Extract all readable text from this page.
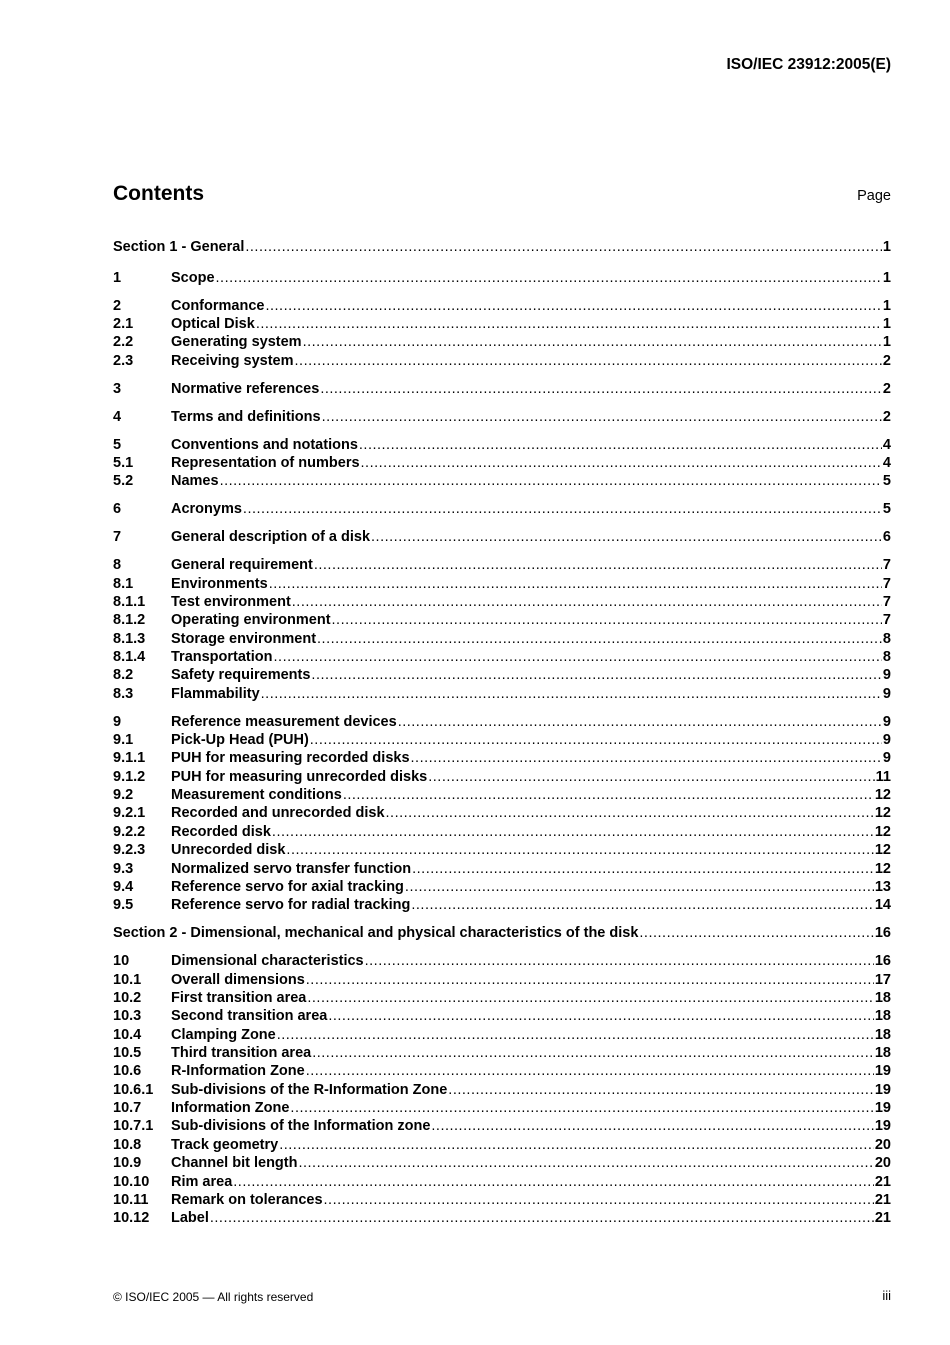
ISO/IEC 23912:2005(E)
Contents	Page
Section 1 - General .....	1
1	Scope .....	1
2	Conformance .....	1
2.1	Optical Disk .....	1
2.2	Generating system .....	1
2.3	Receiving system .....	2
3	Normative references .....	2
4	Terms and definitions .....	2
5	Conventions and notations .....	4
5.1	Representation of numbers .....	4
5.2	Names .....	5
6	Acronyms .....	5
7	General description of a disk .....	6
8	General requirement .....	7
8.1	Environments .....	7
8.1.1	Test environment .....	7
8.1.2	Operating environment .....	7
8.1.3	Storage environment .....	8
8.1.4	Transportation .....	8
8.2	Safety requirements .....	9
8.3	Flammability .....	9
9	Reference measurement devices .....	9
9.1	Pick-Up Head (PUH) .....	9
9.1.1	PUH for measuring recorded disks .....	9
9.1.2	PUH for measuring unrecorded disks .....	11
9.2	Measurement conditions .....	12
9.2.1	Recorded and unrecorded disk .....	12
9.2.2	Recorded disk .....	12
9.2.3	Unrecorded disk .....	12
9.3	Normalized servo transfer function .....	12
9.4	Reference servo for axial tracking .....	13
9.5	Reference servo for radial tracking .....	14
Section 2 - Dimensional, mechanical and physical characteristics of the disk .....	16
10	Dimensional characteristics .....	16
10.1	Overall dimensions .....	17
10.2	First transition area .....	18
10.3	Second transition area .....	18
10.4	Clamping Zone .....	18
10.5	Third transition area .....	18
10.6	R-Information Zone .....	19
10.6.1	Sub-divisions of the R-Information Zone .....	19
10.7	Information Zone .....	19
10.7.1	Sub-divisions of the Information zone .....	19
10.8	Track geometry .....	20
10.9	Channel bit length .....	20
10.10	Rim area .....	21
10.11	Remark on tolerances .....	21
10.12	Label .....	21
© ISO/IEC 2005 — All rights reserved	iii
